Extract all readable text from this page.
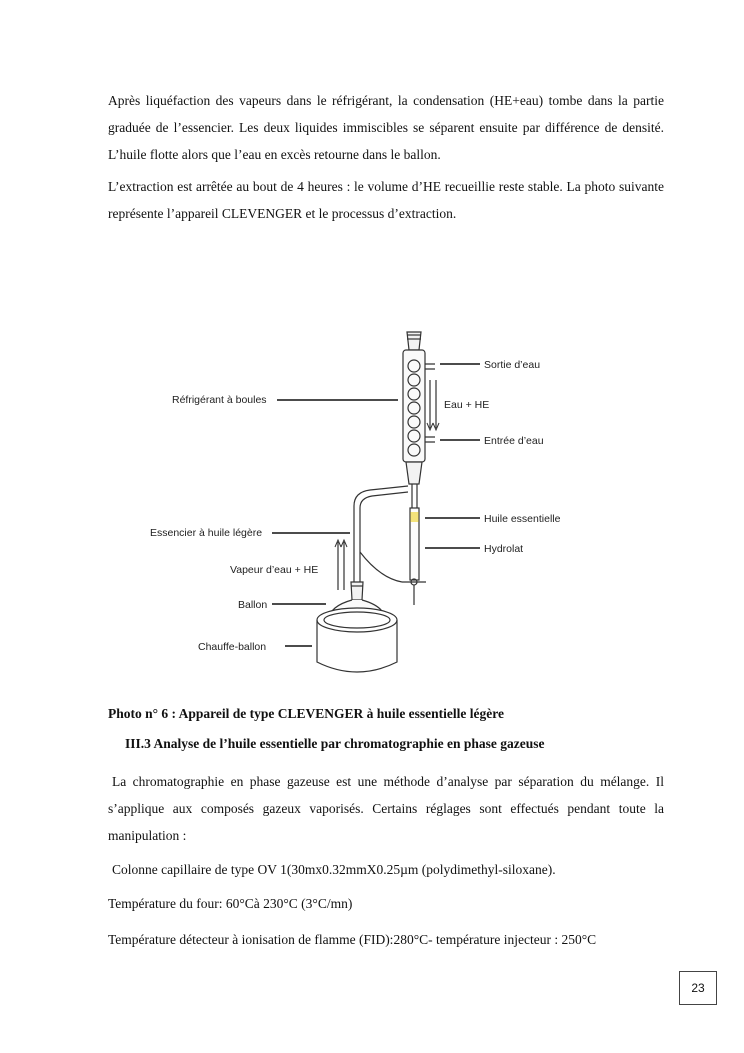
Après liquéfaction des vapeurs dans le réfrigérant, la condensation (HE+eau) tombe dans la partie graduée de l’essencier. Les deux liquides immiscibles se séparent ensuite par différence de densité. L’huile flotte alors que l’eau en excès retourne dans le ballon.

L’extraction est arrêtée au bout de 4 heures : le volume d’HE recueillie reste stable. La photo suivante représente l’appareil CLEVENGER et le processus d’extraction.

Réfrigérant à boules
Sortie d’eau
Eau + HE
Entrée d’eau
Huile essentielle
Essencier à huile légère
Hydrolat
Vapeur d’eau + HE
Ballon
Chauffe-ballon

Photo n° 6 : Appareil de type CLEVENGER à huile essentielle légère

III.3 Analyse de l’huile essentielle par chromatographie en phase gazeuse

La chromatographie en phase gazeuse est une méthode d’analyse par séparation du mélange. Il s’applique aux composés gazeux vaporisés. Certains réglages sont effectués pendant toute la manipulation :

Colonne capillaire de type OV 1(30mx0.32mmX0.25µm (polydimethyl-siloxane).

Température du four: 60°Cà 230°C (3°C/mn)

Température détecteur à ionisation de flamme (FID):280°C- température injecteur : 250°C

23
